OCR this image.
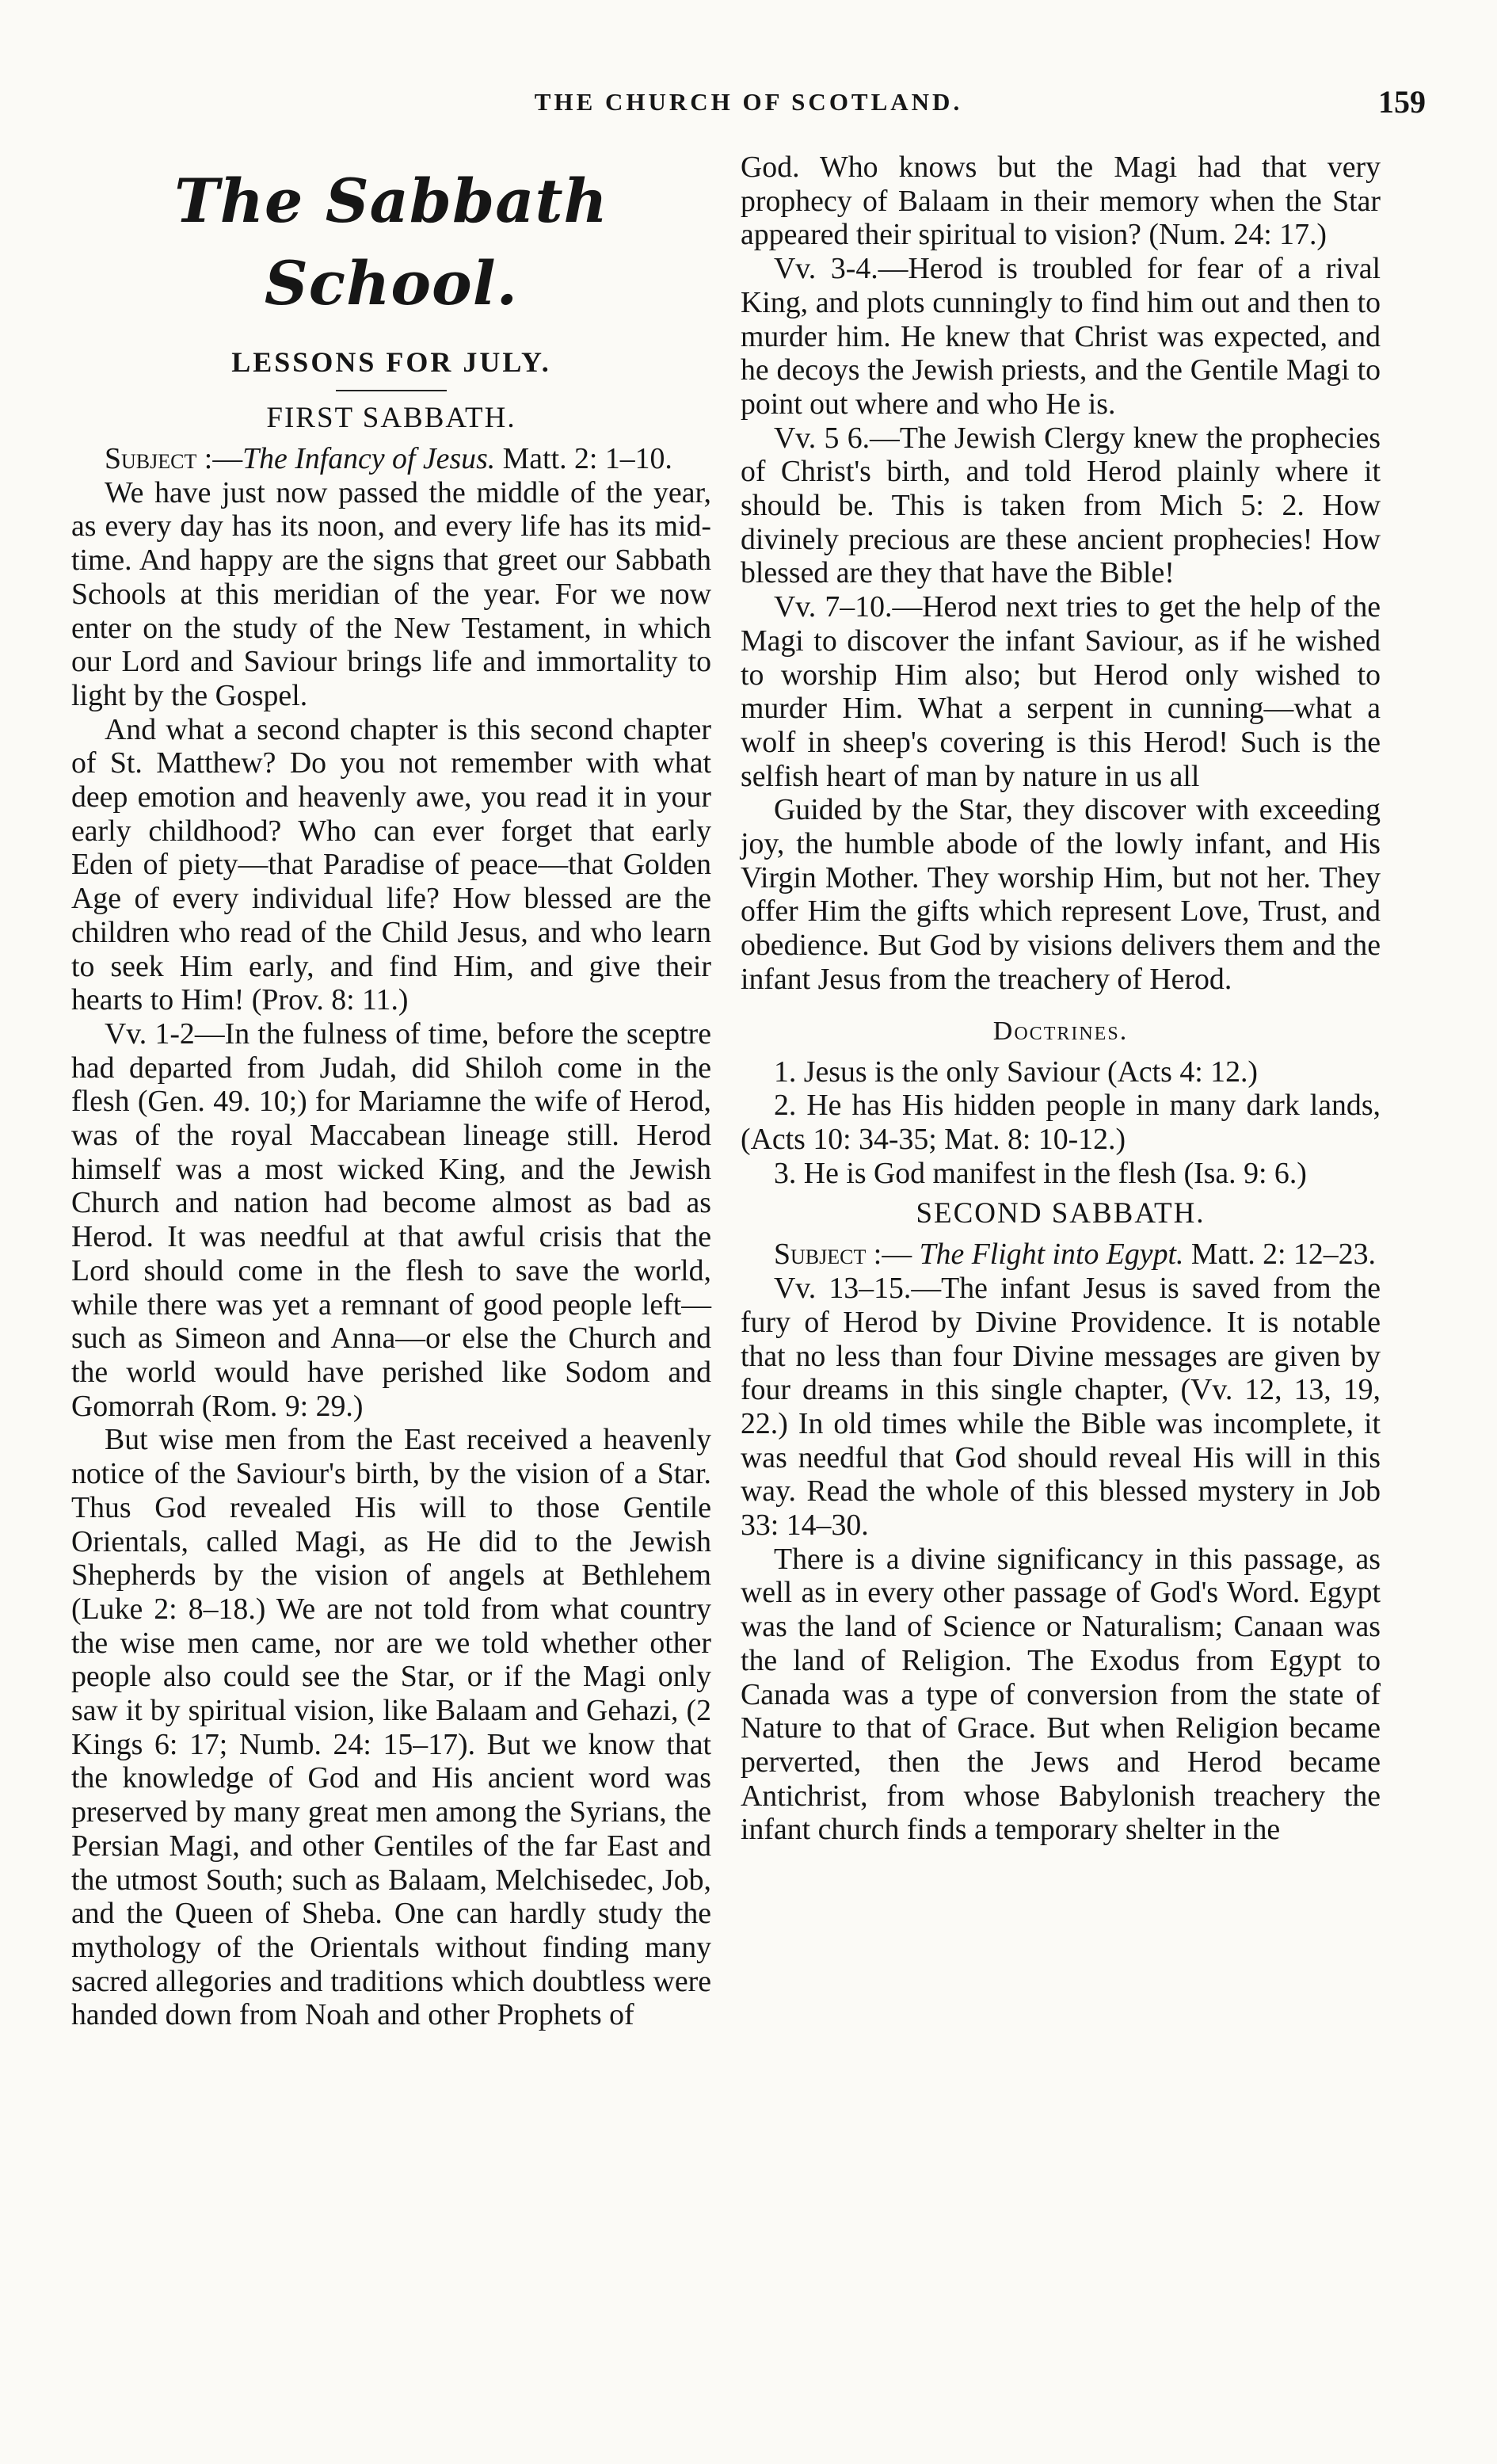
THE CHURCH OF SCOTLAND.	159
The Sabbath School.
LESSONS FOR JULY.
FIRST SABBATH.

Subject :—The Infancy of Jesus. Matt. 2: 1–10.

We have just now passed the middle of the year, as every day has its noon, and every life has its mid-time. And happy are the signs that greet our Sabbath Schools at this meridian of the year. For we now enter on the study of the New Testament, in which our Lord and Saviour brings life and immortality to light by the Gospel.

And what a second chapter is this second chapter of St. Matthew? Do you not remember with what deep emotion and heavenly awe, you read it in your early childhood? Who can ever forget that early Eden of piety—that Paradise of peace—that Golden Age of every individual life? How blessed are the children who read of the Child Jesus, and who learn to seek Him early, and find Him, and give their hearts to Him! (Prov. 8: 11.)

Vv. 1-2—In the fulness of time, before the sceptre had departed from Judah, did Shiloh come in the flesh (Gen. 49. 10;) for Mariamne the wife of Herod, was of the royal Maccabean lineage still. Herod himself was a most wicked King, and the Jewish Church and nation had become almost as bad as Herod. It was needful at that awful crisis that the Lord should come in the flesh to save the world, while there was yet a remnant of good people left—such as Simeon and Anna—or else the Church and the world would have perished like Sodom and Gomorrah (Rom. 9: 29.)

But wise men from the East received a heavenly notice of the Saviour's birth, by the vision of a Star. Thus God revealed His will to those Gentile Orientals, called Magi, as He did to the Jewish Shepherds by the vision of angels at Bethlehem (Luke 2: 8–18.) We are not told from what country the wise men came, nor are we told whether other people also could see the Star, or if the Magi only saw it by spiritual vision, like Balaam and Gehazi, (2 Kings 6: 17; Numb. 24: 15–17). But we know that the knowledge of God and His ancient word was preserved by many great men among the Syrians, the Persian Magi, and other Gentiles of the far East and the utmost South; such as Balaam, Melchisedec, Job, and the Queen of Sheba. One can hardly study the mythology of the Orientals without finding many sacred allegories and traditions which doubtless were handed down from Noah and other Prophets of

God. Who knows but the Magi had that very prophecy of Balaam in their memory when the Star appeared their spiritual to vision? (Num. 24: 17.)

Vv. 3-4.—Herod is troubled for fear of a rival King, and plots cunningly to find him out and then to murder him. He knew that Christ was expected, and he decoys the Jewish priests, and the Gentile Magi to point out where and who He is.

Vv. 5 6.—The Jewish Clergy knew the prophecies of Christ's birth, and told Herod plainly where it should be. This is taken from Mich 5: 2. How divinely precious are these ancient prophecies! How blessed are they that have the Bible!

Vv. 7–10.—Herod next tries to get the help of the Magi to discover the infant Saviour, as if he wished to worship Him also; but Herod only wished to murder Him. What a serpent in cunning—what a wolf in sheep's covering is this Herod! Such is the selfish heart of man by nature in us all

Guided by the Star, they discover with exceeding joy, the humble abode of the lowly infant, and His Virgin Mother. They worship Him, but not her. They offer Him the gifts which represent Love, Trust, and obedience. But God by visions delivers them and the infant Jesus from the treachery of Herod.

Doctrines.

1. Jesus is the only Saviour (Acts 4: 12.)

2. He has His hidden people in many dark lands, (Acts 10: 34-35; Mat. 8: 10-12.)

3. He is God manifest in the flesh (Isa. 9: 6.)

SECOND SABBATH.

Subject :— The Flight into Egypt. Matt. 2: 12–23.

Vv. 13–15.—The infant Jesus is saved from the fury of Herod by Divine Providence. It is notable that no less than four Divine messages are given by four dreams in this single chapter, (Vv. 12, 13, 19, 22.) In old times while the Bible was incomplete, it was needful that God should reveal His will in this way. Read the whole of this blessed mystery in Job 33: 14–30.

There is a divine significancy in this passage, as well as in every other passage of God's Word. Egypt was the land of Science or Naturalism; Canaan was the land of Religion. The Exodus from Egypt to Canada was a type of conversion from the state of Nature to that of Grace. But when Religion became perverted, then the Jews and Herod became Antichrist, from whose Babylonish treachery the infant church finds a temporary shelter in the
